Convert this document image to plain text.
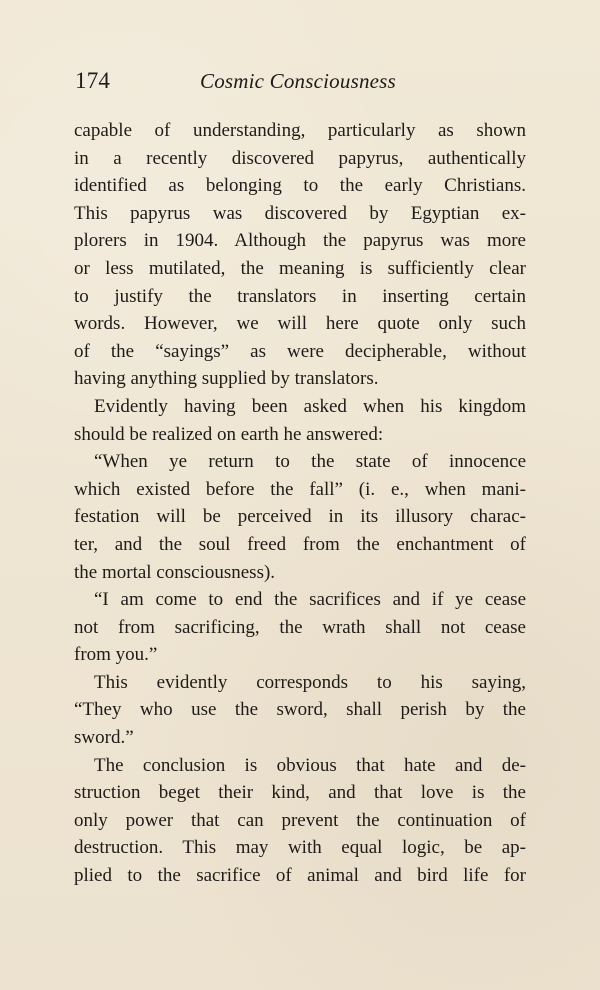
174	Cosmic Consciousness
capable of understanding, particularly as shown
in a recently discovered papyrus, authentically
identified as belonging to the early Christians.
This papyrus was discovered by Egyptian ex-
plorers in 1904. Although the papyrus was more
or less mutilated, the meaning is sufficiently clear
to justify the translators in inserting certain
words. However, we will here quote only such
of the “sayings” as were decipherable, without
having anything supplied by translators.
Evidently having been asked when his kingdom
should be realized on earth he answered:
“When ye return to the state of innocence
which existed before the fall” (i. e., when mani-
festation will be perceived in its illusory charac-
ter, and the soul freed from the enchantment of
the mortal consciousness).
“I am come to end the sacrifices and if ye cease
not from sacrificing, the wrath shall not cease
from you.”
This evidently corresponds to his saying,
“They who use the sword, shall perish by the
sword.”
The conclusion is obvious that hate and de-
struction beget their kind, and that love is the
only power that can prevent the continuation of
destruction. This may with equal logic, be ap-
plied to the sacrifice of animal and bird life for
